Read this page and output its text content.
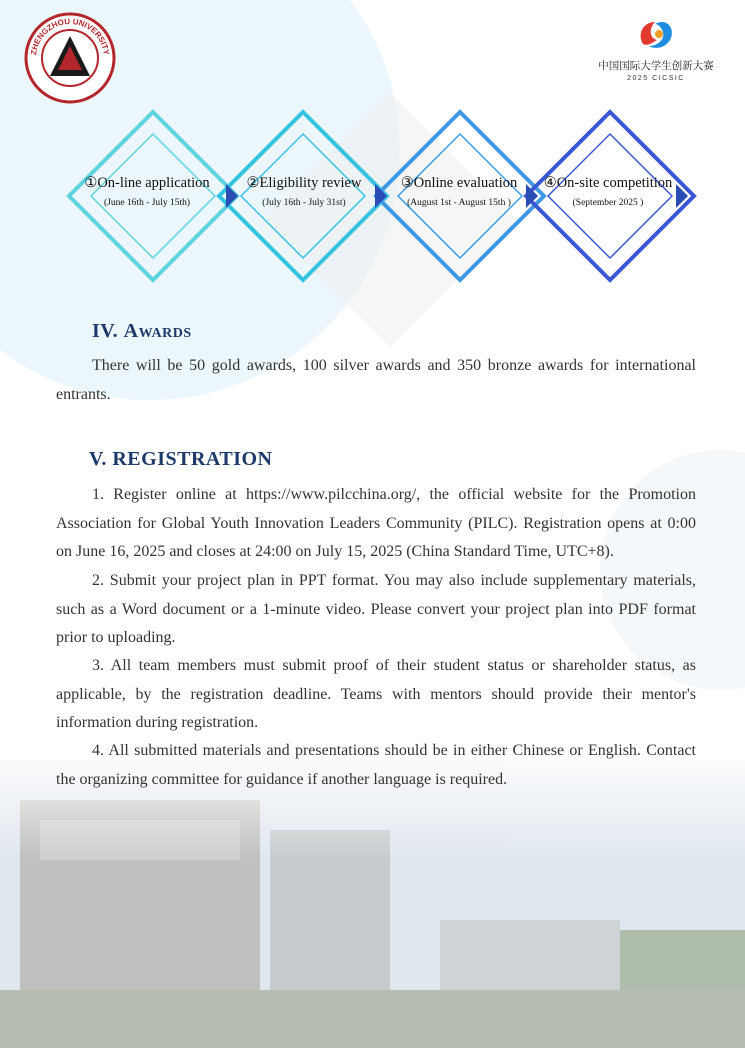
ZHENGZHOU UNIVERSITY
中国国际大学生创新大赛
2025 CICSIC
①On-line application
(June 16th - July 15th)
②Eligibility review
(July 16th - July 31st)
③Online evaluation
(August 1st - August 15th )
④On-site competition
(September 2025 )
IV. Awards

There will be 50 gold awards, 100 silver awards and 350 bronze awards for international entrants.

V. REGISTRATION

1. Register online at https://www.pilcchina.org/, the official website for the Promotion Association for Global Youth Innovation Leaders Community (PILC). Registration opens at 0:00 on June 16, 2025 and closes at 24:00 on July 15, 2025 (China Standard Time, UTC+8).

2. Submit your project plan in PPT format. You may also include supplementary materials, such as a Word document or a 1-minute video. Please convert your project plan into PDF format prior to uploading.

3. All team members must submit proof of their student status or shareholder status, as applicable, by the registration deadline. Teams with mentors should provide their mentor's information during registration.

4. All submitted materials and presentations should be in either Chinese or English. Contact the organizing committee for guidance if another language is required.
